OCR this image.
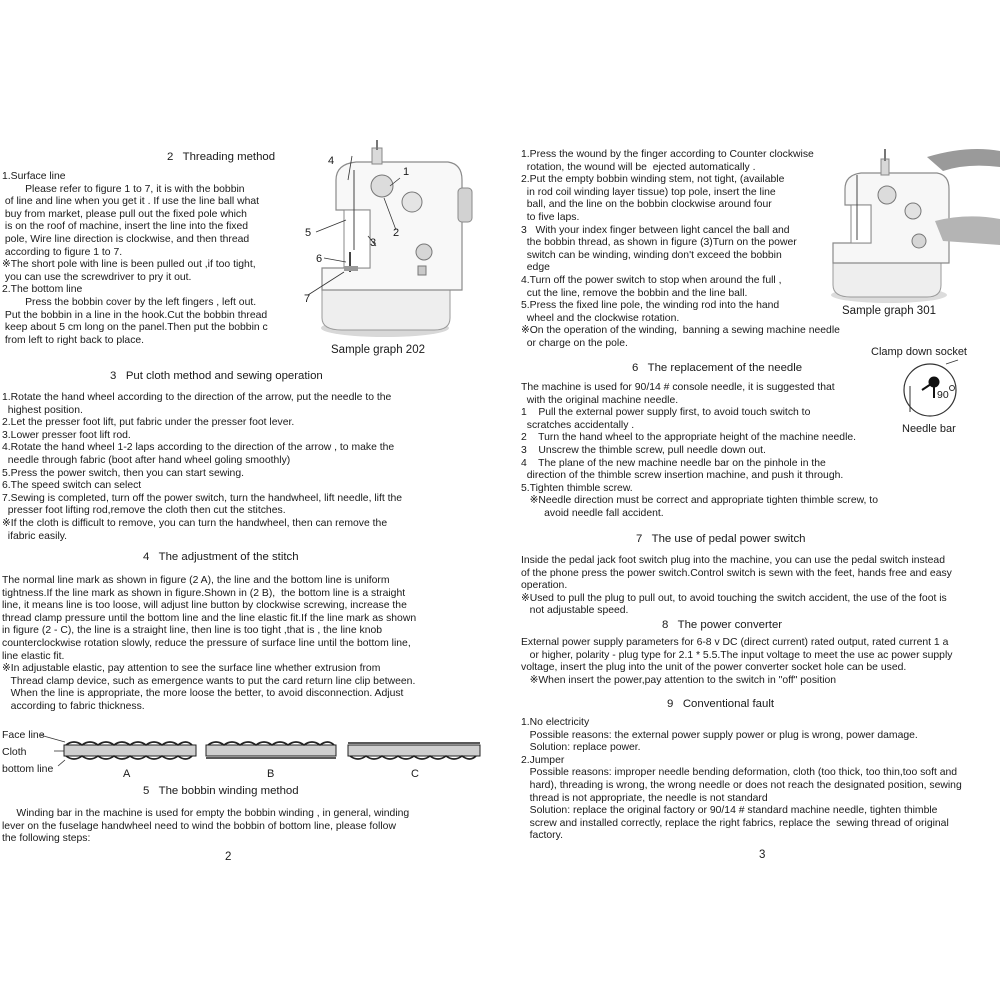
2   Threading method

1.Surface line
Please refer to figure 1 to 7, it is with the bobbin
of line and line when you get it . If use the line ball what
buy from market, please pull out the fixed pole which
is on the roof of machine, insert the line into the fixed
pole, Wire line direction is clockwise, and then thread
according to figure 1 to 7.
※The short pole with line is been pulled out ,if too tight,
you can use the screwdriver to pry it out.
2.The bottom line
Press the bobbin cover by the left fingers , left out.
Put the bobbin in a line in the hook.Cut the bobbin thread
keep about 5 cm long on the panel.Then put the bobbin c
from left to right back to place.

4
1
5
3
2
6
7
Sample graph 202
3   Put cloth method and sewing operation

1.Rotate the hand wheel according to the direction of the arrow, put the needle to the
highest position.
2.Let the presser foot lift, put fabric under the presser foot lever.
3.Lower presser foot lift rod.
4.Rotate the hand wheel 1-2 laps according to the direction of the arrow , to make the
needle through fabric (boot after hand wheel goling smoothly)
5.Press the power switch, then you can start sewing.
6.The speed switch can select
7.Sewing is completed, turn off the power switch, turn the handwheel, lift needle, lift the
presser foot lifting rod,remove the cloth then cut the stitches.
※If the cloth is difficult to remove, you can turn the handwheel, then can remove the
ifabric easily.

4   The adjustment of the stitch

The normal line mark as shown in figure (2 A), the line and the bottom line is uniform
tightness.If the line mark as shown in figure.Shown in (2 B),  the bottom line is a straight
line, it means line is too loose, will adjust line button by clockwise screwing, increase the
thread clamp pressure until the bottom line and the line elastic fit.If the line mark as shown
in figure (2 - C), the line is a straight line, then line is too tight ,that is , the line knob
counterclockwise rotation slowly, reduce the pressure of surface line until the bottom line,
line elastic fit.
※In adjustable elastic, pay attention to see the surface line whether extrusion from
Thread clamp device, such as emergence wants to put the card return line clip between.
When the line is appropriate, the more loose the better, to avoid disconnection. Adjust
according to fabric thickness.

Face line
Cloth
bottom line	A	B	C
5   The bobbin winding method

Winding bar in the machine is used for empty the bobbin winding , in general, winding
lever on the fuselage handwheel need to wind the bobbin of bottom line, please follow
the following steps:

2

1.Press the wound by the finger according to Counter clockwise
rotation, the wound will be  ejected automatically .
2.Put the empty bobbin winding stem, not tight, (available
in rod coil winding layer tissue) top pole, insert the line
ball, and the line on the bobbin clockwise around four
to five laps.
3   With your index finger between light cancel the ball and
the bobbin thread, as shown in figure (3)Turn on the power
switch can be winding, winding don't exceed the bobbin
edge
4.Turn off the power switch to stop when around the full ,
cut the line, remove the bobbin and the line ball.
5.Press the fixed line pole, the winding rod into the hand
wheel and the clockwise rotation.
※On the operation of the winding,  banning a sewing machine needle
or charge on the pole.

Sample graph 301
6   The replacement of the needle

The machine is used for 90/14 # console needle, it is suggested that
with the original machine needle.
1    Pull the external power supply first, to avoid touch switch to
scratches accidentally .
2    Turn the hand wheel to the appropriate height of the machine needle.
3    Unscrew the thimble screw, pull needle down out.
4    The plane of the new machine needle bar on the pinhole in the
direction of the thimble screw insertion machine, and push it through.
5.Tighten thimble screw.
※Needle direction must be correct and appropriate tighten thimble screw, to
avoid needle fall accident.

Clamp down socket
90
Needle bar
7   The use of pedal power switch

Inside the pedal jack foot switch plug into the machine, you can use the pedal switch instead
of the phone press the power switch.Control switch is sewn with the feet, hands free and easy
operation.
※Used to pull the plug to pull out, to avoid touching the switch accident, the use of the foot is
not adjustable speed.

8   The power converter

External power supply parameters for 6-8 v DC (direct current) rated output, rated current 1 a
or higher, polarity - plug type for 2.1 * 5.5.The input voltage to meet the use ac power supply
voltage, insert the plug into the unit of the power converter socket hole can be used.
※When insert the power,pay attention to the switch in "off" position

9   Conventional fault

1.No electricity
Possible reasons: the external power supply power or plug is wrong, power damage.
Solution: replace power.
2.Jumper
Possible reasons: improper needle bending deformation, cloth (too thick, too thin,too soft and
hard), threading is wrong, the wrong needle or does not reach the designated position, sewing
thread is not appropriate, the needle is not standard
Solution: replace the original factory or 90/14 # standard machine needle, tighten thimble
screw and installed correctly, replace the right fabrics, replace the  sewing thread of original
factory.

3
